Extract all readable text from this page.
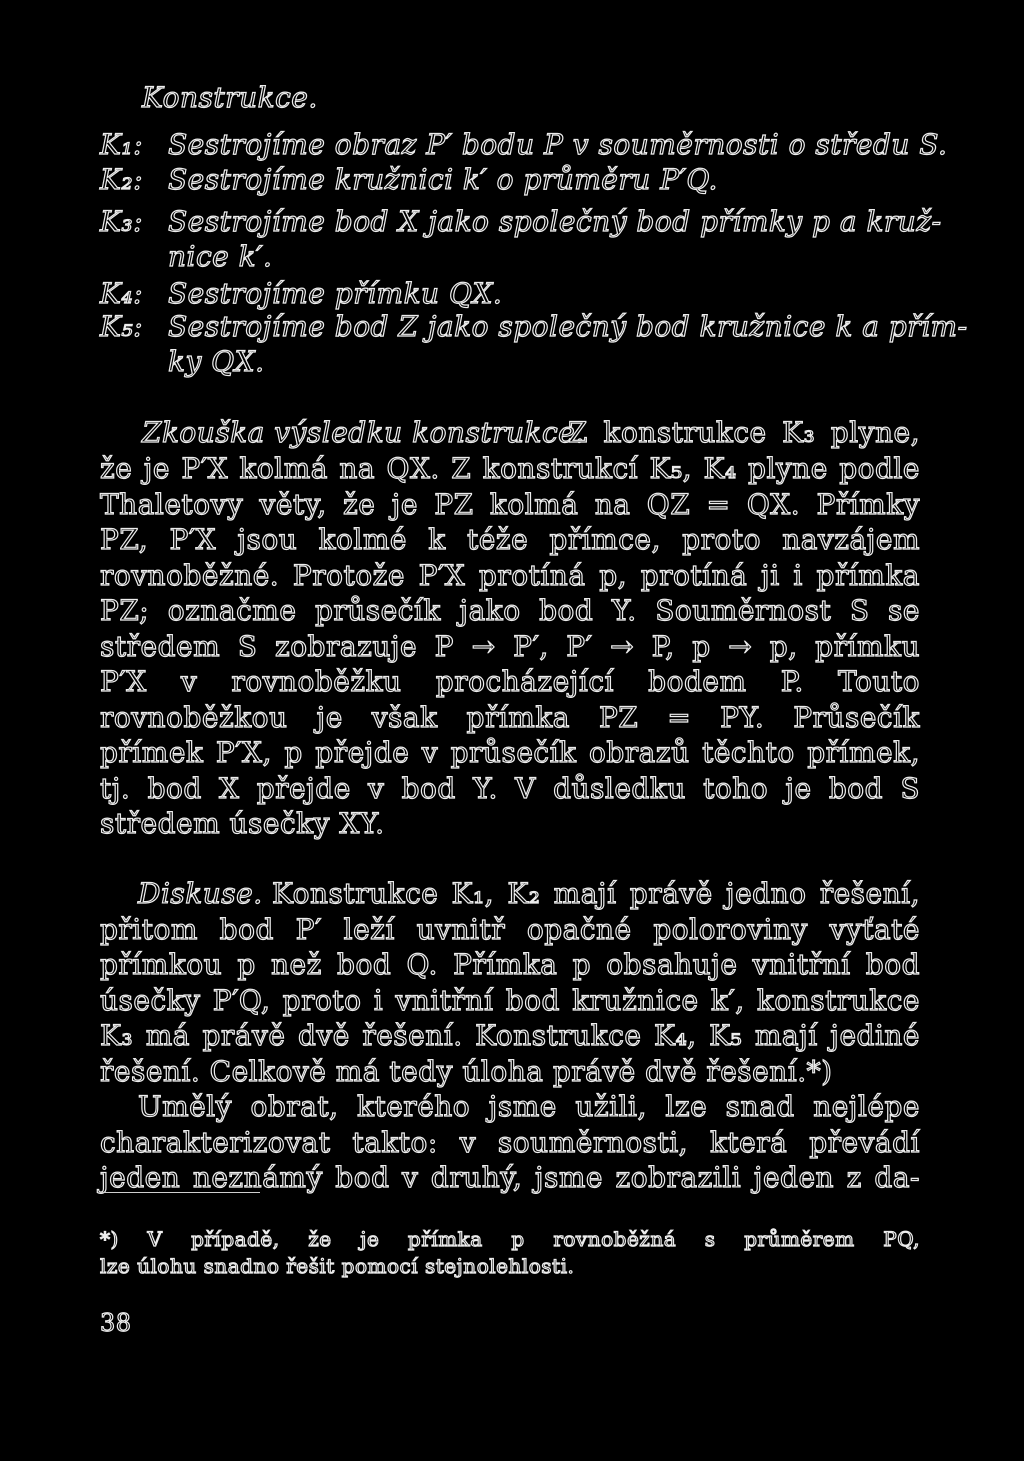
Konstrukce.
K₁: Sestrojíme obraz P′ bodu P v souměrnosti o středu S.
K₂: Sestrojíme kružnici k′ o průměru P′Q.
K₃: Sestrojíme bod X jako společný bod přímky p a kruž-
nice k′.
K₄: Sestrojíme přímku QX.
K₅: Sestrojíme bod Z jako společný bod kružnice k a přím-
ky QX.
Zkouška výsledku konstrukce.
Z konstrukce K₃ plyne,
že je P′X kolmá na QX. Z konstrukcí K₅, K₄ plyne podle
Thaletovy věty, že je PZ kolmá na QZ = QX. Přímky
PZ, P′X jsou kolmé k téže přímce, proto navzájem
rovnoběžné. Protože P′X protíná p, protíná ji i přímka
PZ; označme průsečík jako bod Y. Souměrnost S se
středem S zobrazuje P → P′, P′ → P, p → p, přímku
P′X v rovnoběžku procházející bodem P. Touto
rovnoběžkou je však přímka PZ = PY. Průsečík
přímek P′X, p přejde v průsečík obrazů těchto přímek,
tj. bod X přejde v bod Y. V důsledku toho je bod S
středem úsečky XY.
Diskuse. Konstrukce K₁, K₂ mají právě jedno řešení,
přitom bod P′ leží uvnitř opačné poloroviny vyťaté
přímkou p než bod Q. Přímka p obsahuje vnitřní bod
úsečky P′Q, proto i vnitřní bod kružnice k′, konstrukce
K₃ má právě dvě řešení. Konstrukce K₄, K₅ mají jediné
řešení. Celkově má tedy úloha právě dvě řešení.*)
Umělý obrat, kterého jsme užili, lze snad nejlépe
charakterizovat takto: v souměrnosti, která převádí
jeden neznámý bod v druhý, jsme zobrazili jeden z da-
*) V případě, že je přímka p rovnoběžná s průměrem PQ,
lze úlohu snadno řešit pomocí stejnolehlosti.
38
